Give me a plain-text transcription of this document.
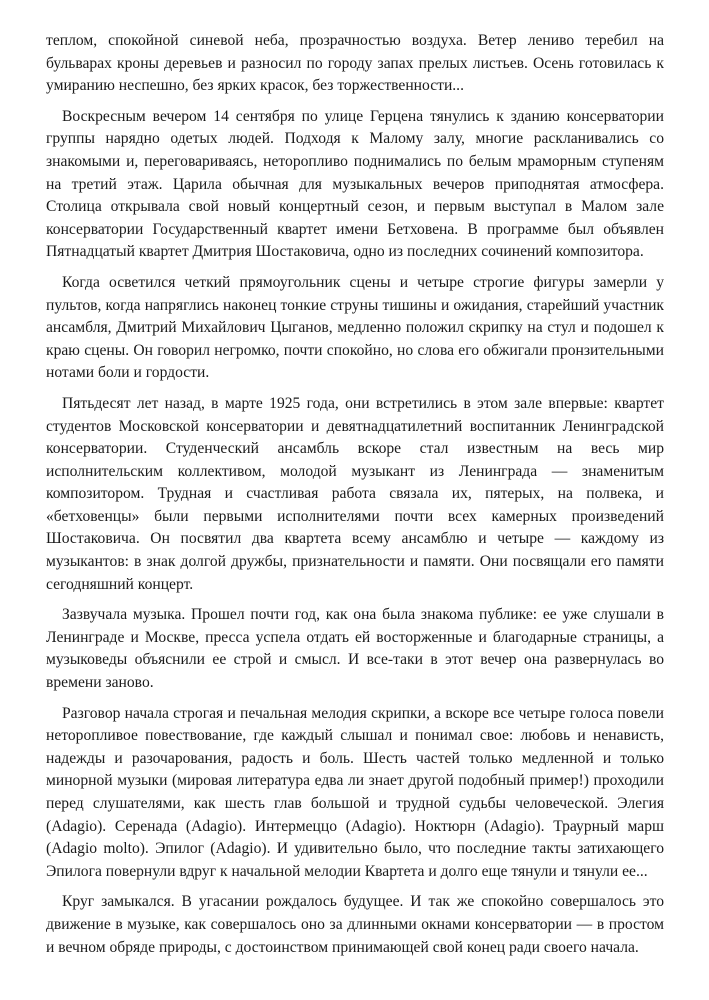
теплом, спокойной синевой неба, прозрачностью воздуха. Ветер лениво теребил на бульварах кроны деревьев и разносил по городу запах прелых листьев. Осень готовилась к умиранию неспешно, без ярких красок, без торжественности...

Воскресным вечером 14 сентября по улице Герцена тянулись к зданию консерватории группы нарядно одетых людей. Подходя к Малому залу, многие раскланивались со знакомыми и, переговариваясь, неторопливо поднимались по белым мраморным ступеням на третий этаж. Царила обычная для музыкальных вечеров приподнятая атмосфера. Столица открывала свой новый концертный сезон, и первым выступал в Малом зале консерватории Государственный квартет имени Бетховена. В программе был объявлен Пятнадцатый квартет Дмитрия Шостаковича, одно из последних сочинений композитора.

Когда осветился четкий прямоугольник сцены и четыре строгие фигуры замерли у пультов, когда напряглись наконец тонкие струны тишины и ожидания, старейший участник ансамбля, Дмитрий Михайлович Цыганов, медленно положил скрипку на стул и подошел к краю сцены. Он говорил негромко, почти спокойно, но слова его обжигали пронзительными нотами боли и гордости.

Пятьдесят лет назад, в марте 1925 года, они встретились в этом зале впервые: квартет студентов Московской консерватории и девятнадцатилетний воспитанник Ленинградской консерватории. Студенческий ансамбль вскоре стал известным на весь мир исполнительским коллективом, молодой музыкант из Ленинграда — знаменитым композитором. Трудная и счастливая работа связала их, пятерых, на полвека, и «бетховенцы» были первыми исполнителями почти всех камерных произведений Шостаковича. Он посвятил два квартета всему ансамблю и четыре — каждому из музыкантов: в знак долгой дружбы, признательности и памяти. Они посвящали его памяти сегодняшний концерт.

Зазвучала музыка. Прошел почти год, как она была знакома публике: ее уже слушали в Ленинграде и Москве, пресса успела отдать ей восторженные и благодарные страницы, а музыковеды объяснили ее строй и смысл. И все-таки в этот вечер она развернулась во времени заново.

Разговор начала строгая и печальная мелодия скрипки, а вскоре все четыре голоса повели неторопливое повествование, где каждый слышал и понимал свое: любовь и ненависть, надежды и разочарования, радость и боль. Шесть частей только медленной и только минорной музыки (мировая литература едва ли знает другой подобный пример!) проходили перед слушателями, как шесть глав большой и трудной судьбы человеческой. Элегия (Adagio). Серенада (Adagio). Интермеццо (Adagio). Ноктюрн (Adagio). Траурный марш (Adagio molto). Эпилог (Adagio). И удивительно было, что последние такты затихающего Эпилога повернули вдруг к начальной мелодии Квартета и долго еще тянули и тянули ее...

Круг замыкался. В угасании рождалось будущее. И так же спокойно совершалось это движение в музыке, как совершалось оно за длинными окнами консерватории — в простом и вечном обряде природы, с достоинством принимающей свой конец ради своего начала.
